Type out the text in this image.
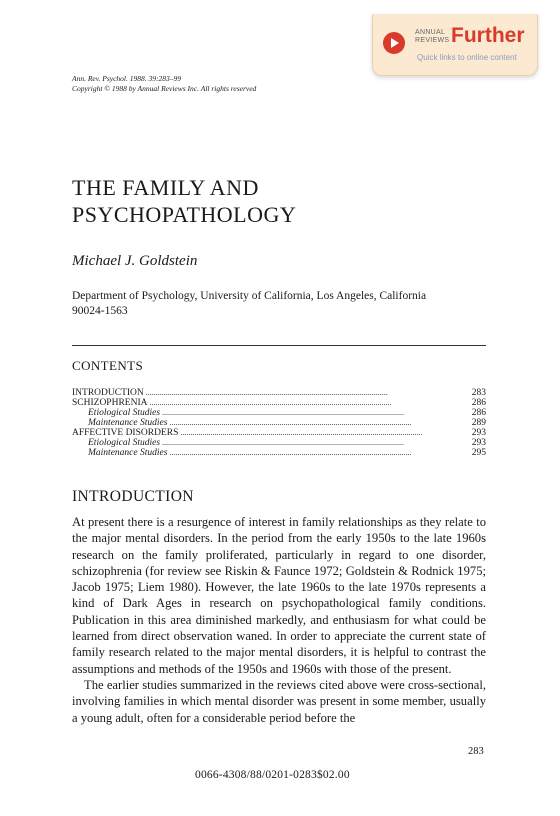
ANNUAL
REVIEWS Further
Quick links to online content
Ann. Rev. Psychol. 1988. 39:283–99
Copyright © 1988 by Annual Reviews Inc. All rights reserved
THE FAMILY AND
PSYCHOPATHOLOGY
Michael J. Goldstein
Department of Psychology, University of California, Los Angeles, California
90024-1563
CONTENTS
INTRODUCTION . . .	283
SCHIZOPHRENIA . . .	286
Etiological Studies . . .	286
Maintenance Studies . . .	289
AFFECTIVE DISORDERS . . .	293
Etiological Studies . . .	293
Maintenance Studies . . .	295
INTRODUCTION

At present there is a resurgence of interest in family relationships as they relate to the major mental disorders. In the period from the early 1950s to the late 1960s research on the family proliferated, particularly in regard to one disorder, schizophrenia (for review see Riskin & Faunce 1972; Goldstein & Rodnick 1975; Jacob 1975; Liem 1980). However, the late 1960s to the late 1970s represents a kind of Dark Ages in research on psychopathological family conditions. Publication in this area diminished markedly, and enthusiasm for what could be learned from direct observation waned. In order to appreciate the current state of family research related to the major mental disorders, it is helpful to contrast the assumptions and methods of the 1950s and 1960s with those of the present.

The earlier studies summarized in the reviews cited above were cross-sectional, involving families in which mental disorder was present in some member, usually a young adult, often for a considerable period before the

283
0066-4308/88/0201-0283$02.00
